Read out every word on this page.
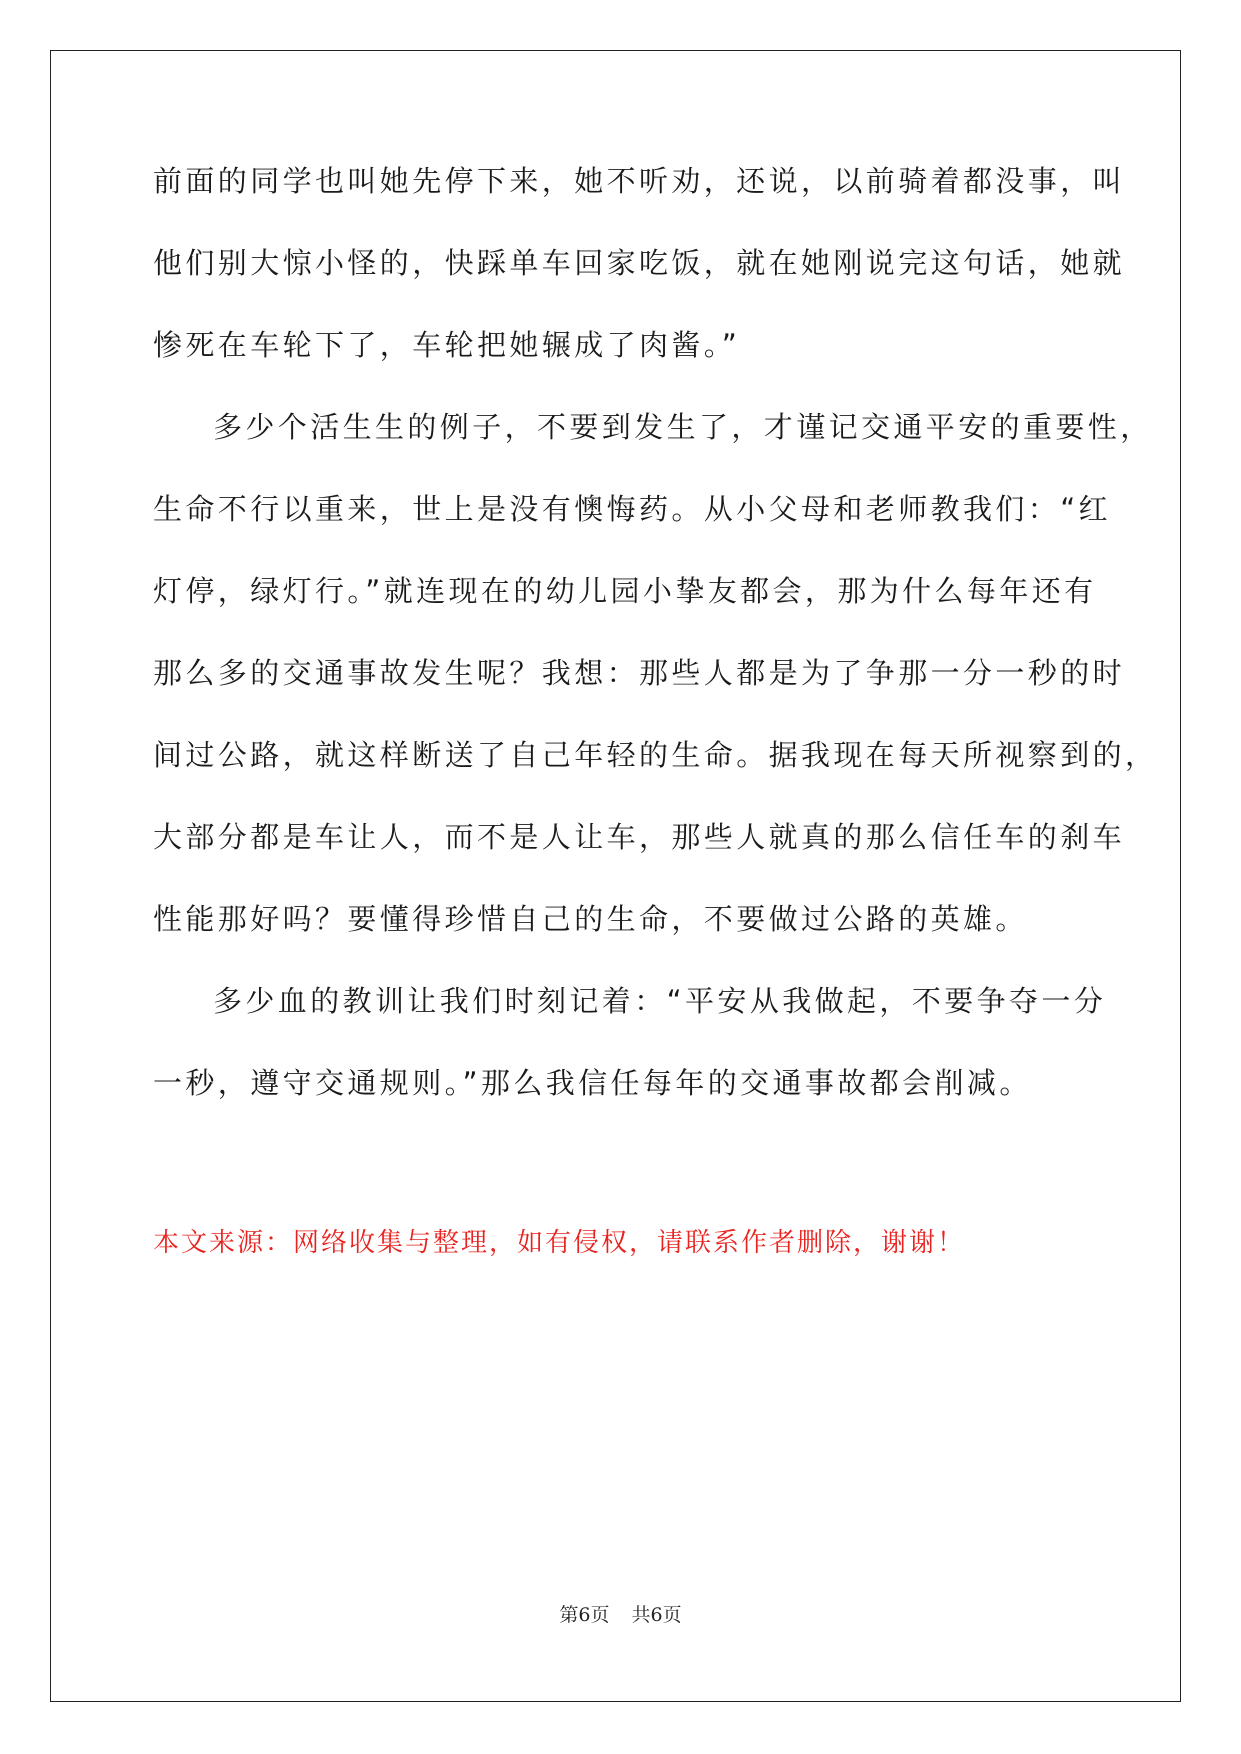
前面的同学也叫她先停下来，她不听劝，还说，以前骑着都没事，叫
他们别大惊小怪的，快踩单车回家吃饭，就在她刚说完这句话，她就
惨死在车轮下了，车轮把她辗成了肉酱。”
多少个活生生的例子，不要到发生了，才谨记交通平安的重要性，
生命不行以重来，世上是没有懊悔药。从小父母和老师教我们：“红
灯停，绿灯行。”就连现在的幼儿园小挚友都会，那为什么每年还有
那么多的交通事故发生呢？我想：那些人都是为了争那一分一秒的时
间过公路，就这样断送了自己年轻的生命。据我现在每天所视察到的，
大部分都是车让人，而不是人让车，那些人就真的那么信任车的刹车
性能那好吗？要懂得珍惜自己的生命，不要做过公路的英雄。
多少血的教训让我们时刻记着：“平安从我做起，不要争夺一分
一秒，遵守交通规则。”那么我信任每年的交通事故都会削减。
本文来源：网络收集与整理，如有侵权，请联系作者删除，谢谢！
第6页 共6页
